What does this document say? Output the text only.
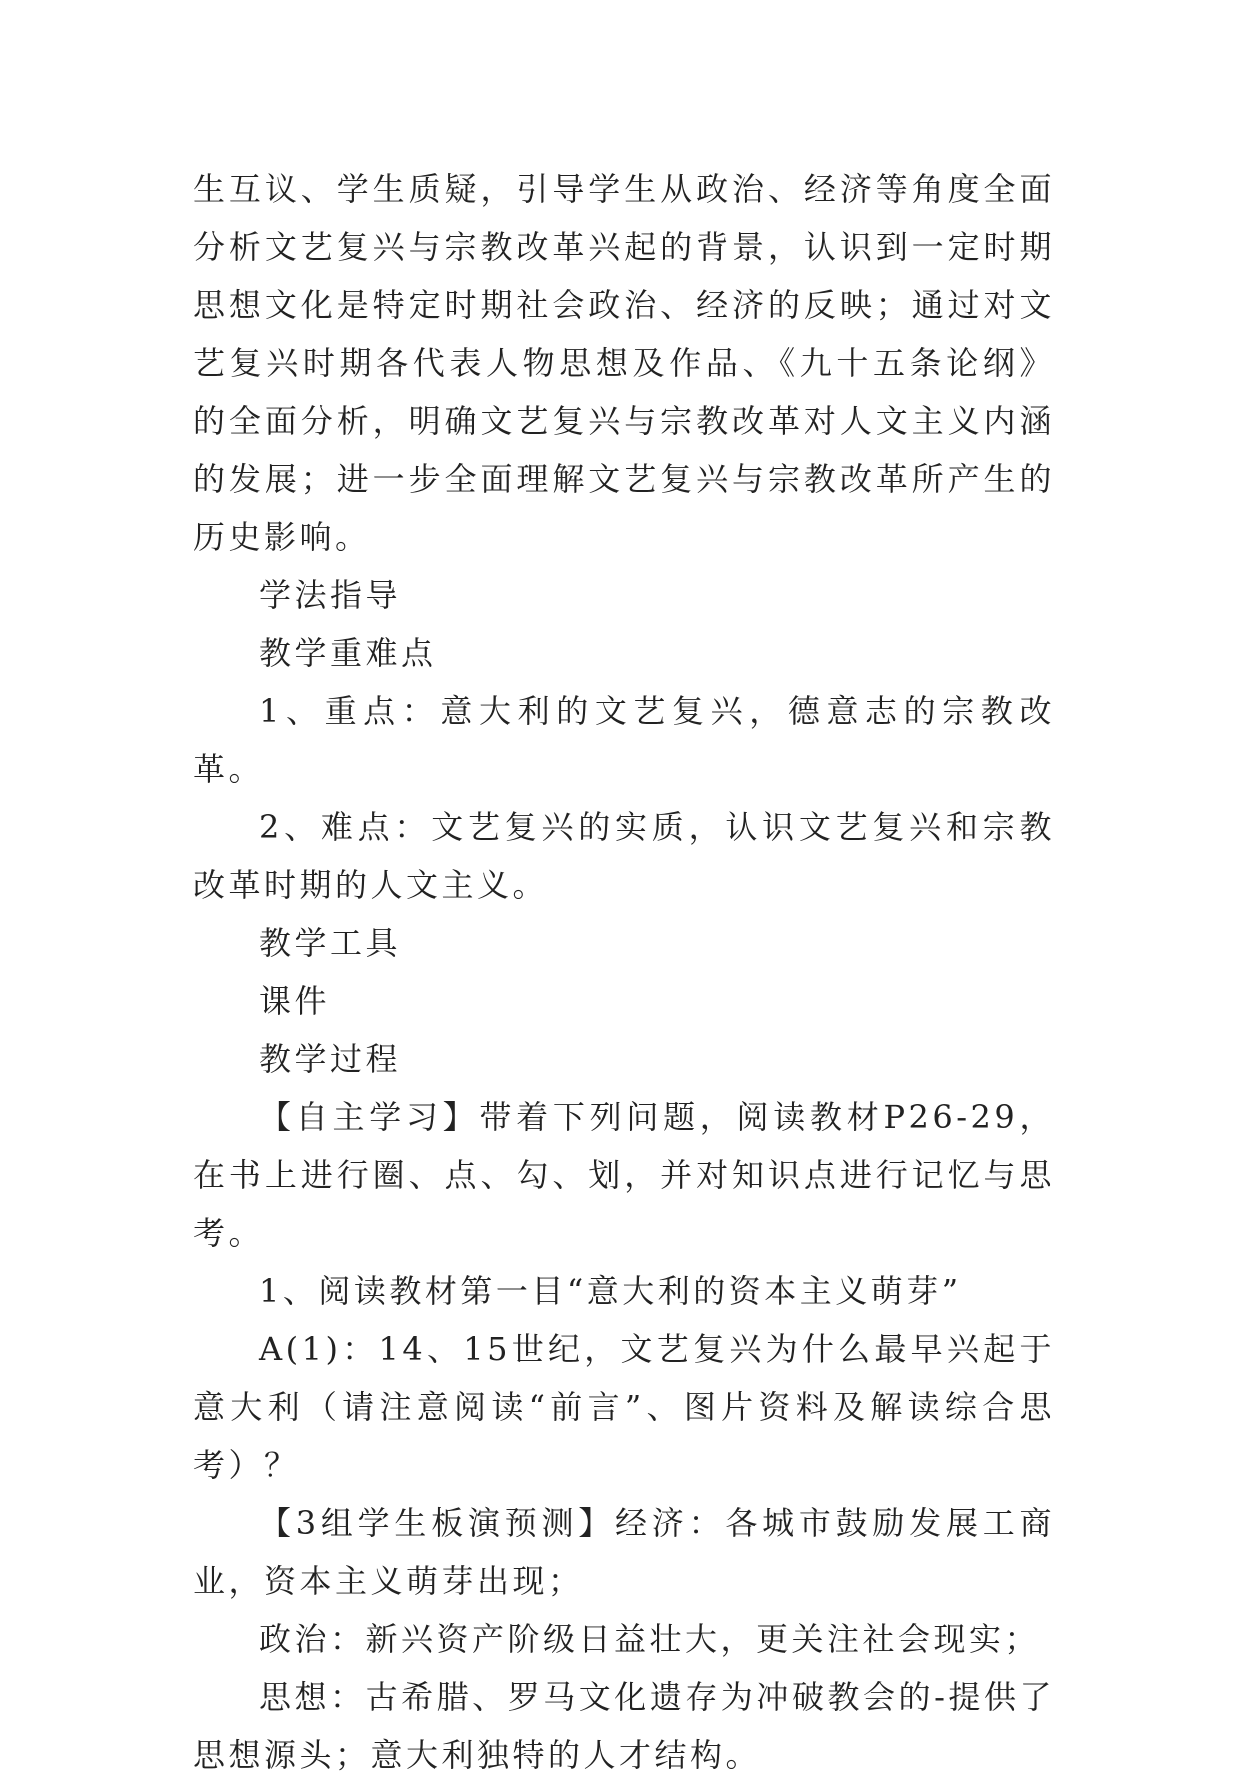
生互议、学生质疑，引导学生从政治、经济等角度全面分析文艺复兴与宗教改革兴起的背景，认识到一定时期思想文化是特定时期社会政治、经济的反映；通过对文艺复兴时期各代表人物思想及作品、《九十五条论纲》的全面分析，明确文艺复兴与宗教改革对人文主义内涵的发展；进一步全面理解文艺复兴与宗教改革所产生的历史影响。

学法指导

教学重难点

1、重点：意大利的文艺复兴，德意志的宗教改革。

2、难点：文艺复兴的实质，认识文艺复兴和宗教改革时期的人文主义。

教学工具

课件

教学过程

【自主学习】带着下列问题，阅读教材P26-29，在书上进行圈、点、勾、划，并对知识点进行记忆与思考。

1、阅读教材第一目“意大利的资本主义萌芽”

A(1)：14、15世纪，文艺复兴为什么最早兴起于意大利（请注意阅读“前言”、图片资料及解读综合思考）？

【3组学生板演预测】经济：各城市鼓励发展工商业，资本主义萌芽出现；

政治：新兴资产阶级日益壮大，更关注社会现实；

思想：古希腊、罗马文化遗存为冲破教会的-提供了思想源头；意大利独特的人才结构。
